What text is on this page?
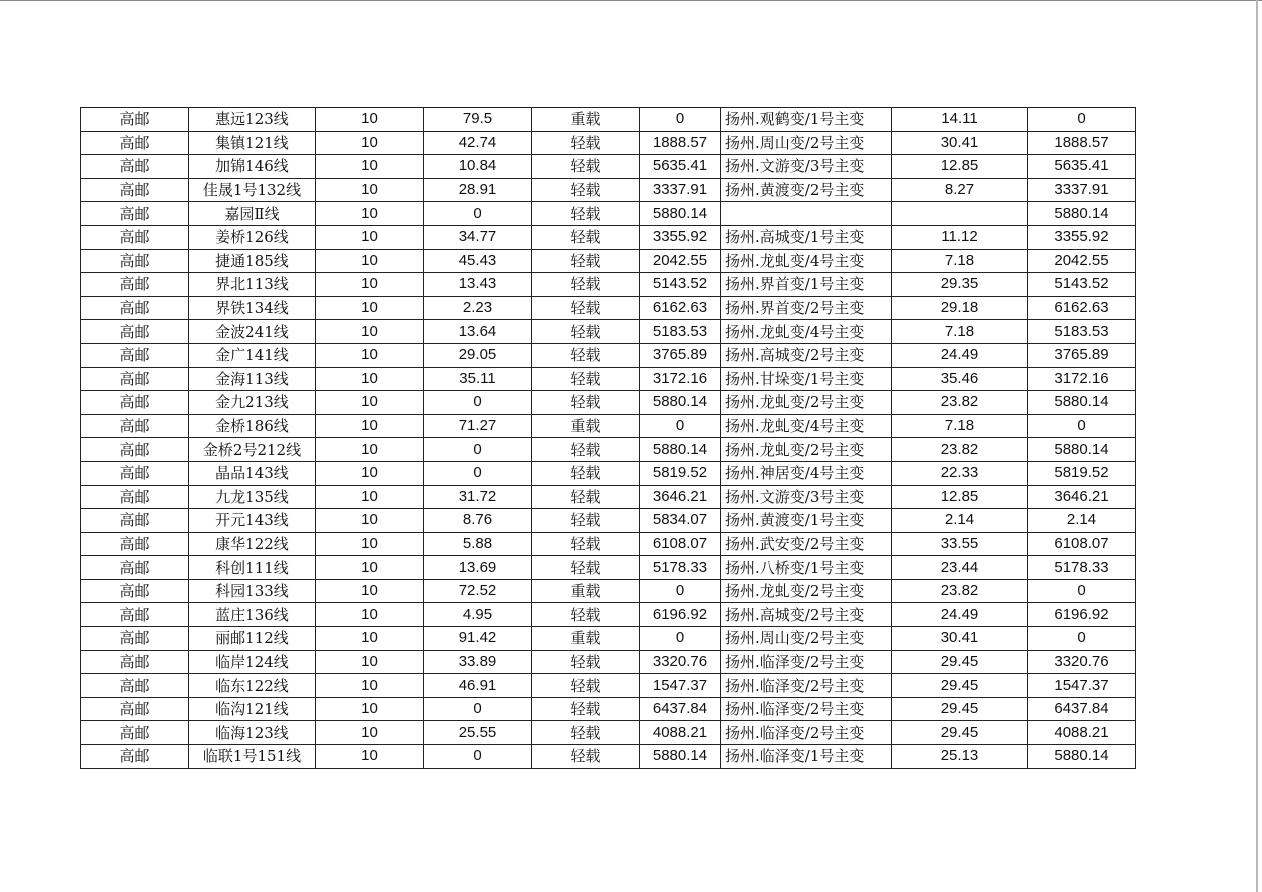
高邮	惠远123线	10	79.5	重载	0	扬州.观鹤变/1号主变	14.11	0
高邮	集镇121线	10	42.74	轻载	1888.57	扬州.周山变/2号主变	30.41	1888.57
高邮	加锦146线	10	10.84	轻载	5635.41	扬州.文游变/3号主变	12.85	5635.41
高邮	佳晟1号132线	10	28.91	轻载	3337.91	扬州.黄渡变/2号主变	8.27	3337.91
高邮	嘉园Ⅱ线	10	0	轻载	5880.14			5880.14
高邮	姜桥126线	10	34.77	轻载	3355.92	扬州.高城变/1号主变	11.12	3355.92
高邮	捷通185线	10	45.43	轻载	2042.55	扬州.龙虬变/4号主变	7.18	2042.55
高邮	界北113线	10	13.43	轻载	5143.52	扬州.界首变/1号主变	29.35	5143.52
高邮	界铁134线	10	2.23	轻载	6162.63	扬州.界首变/2号主变	29.18	6162.63
高邮	金波241线	10	13.64	轻载	5183.53	扬州.龙虬变/4号主变	7.18	5183.53
高邮	金广141线	10	29.05	轻载	3765.89	扬州.高城变/2号主变	24.49	3765.89
高邮	金海113线	10	35.11	轻载	3172.16	扬州.甘垛变/1号主变	35.46	3172.16
高邮	金九213线	10	0	轻载	5880.14	扬州.龙虬变/2号主变	23.82	5880.14
高邮	金桥186线	10	71.27	重载	0	扬州.龙虬变/4号主变	7.18	0
高邮	金桥2号212线	10	0	轻载	5880.14	扬州.龙虬变/2号主变	23.82	5880.14
高邮	晶品143线	10	0	轻载	5819.52	扬州.神居变/4号主变	22.33	5819.52
高邮	九龙135线	10	31.72	轻载	3646.21	扬州.文游变/3号主变	12.85	3646.21
高邮	开元143线	10	8.76	轻载	5834.07	扬州.黄渡变/1号主变	2.14	2.14
高邮	康华122线	10	5.88	轻载	6108.07	扬州.武安变/2号主变	33.55	6108.07
高邮	科创111线	10	13.69	轻载	5178.33	扬州.八桥变/1号主变	23.44	5178.33
高邮	科园133线	10	72.52	重载	0	扬州.龙虬变/2号主变	23.82	0
高邮	蓝庄136线	10	4.95	轻载	6196.92	扬州.高城变/2号主变	24.49	6196.92
高邮	丽邮112线	10	91.42	重载	0	扬州.周山变/2号主变	30.41	0
高邮	临岸124线	10	33.89	轻载	3320.76	扬州.临泽变/2号主变	29.45	3320.76
高邮	临东122线	10	46.91	轻载	1547.37	扬州.临泽变/2号主变	29.45	1547.37
高邮	临沟121线	10	0	轻载	6437.84	扬州.临泽变/2号主变	29.45	6437.84
高邮	临海123线	10	25.55	轻载	4088.21	扬州.临泽变/2号主变	29.45	4088.21
高邮	临联1号151线	10	0	轻载	5880.14	扬州.临泽变/1号主变	25.13	5880.14
